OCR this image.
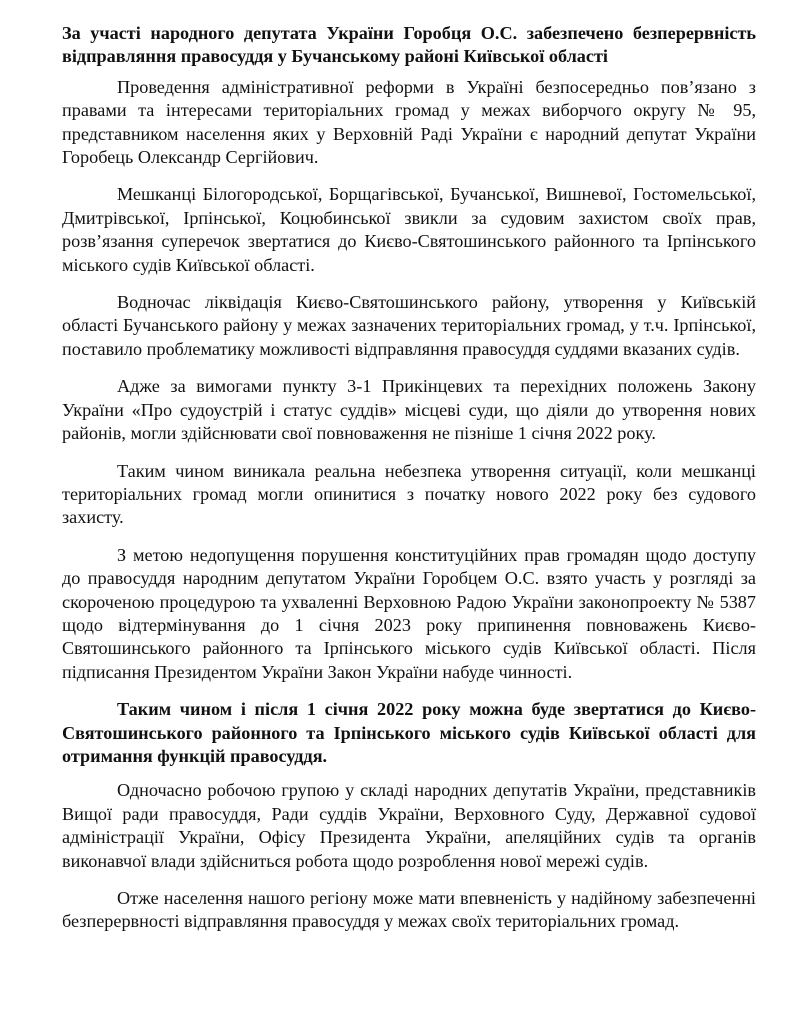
За участі народного депутата України Горобця О.С. забезпечено безперервність відправляння правосуддя у Бучанському районі Київської області

Проведення адміністративної реформи в Україні безпосередньо пов’язано з правами та інтересами територіальних громад у межах виборчого округу № 95, представником населення яких у Верховній Раді України є народний депутат України Горобець Олександр Сергійович.

Мешканці Білогородської, Борщагівської, Бучанської, Вишневої, Гостомельської, Дмитрівської, Ірпінської, Коцюбинської звикли за судовим захистом своїх прав, розв’язання суперечок звертатися до Києво-Святошинського районного та Ірпінського міського судів Київської області.

Водночас ліквідація Києво-Святошинського району, утворення у Київській області Бучанського району у межах зазначених територіальних громад, у т.ч. Ірпінської, поставило проблематику можливості відправляння правосуддя суддями вказаних судів.

Адже за вимогами пункту 3-1 Прикінцевих та перехідних положень Закону України «Про судоустрій і статус суддів» місцеві суди, що діяли до утворення нових районів, могли здійснювати свої повноваження не пізніше 1 січня 2022 року.

Таким чином виникала реальна небезпека утворення ситуації, коли мешканці територіальних громад могли опинитися з початку нового 2022 року без судового захисту.

З метою недопущення порушення конституційних прав громадян щодо доступу до правосуддя народним депутатом України Горобцем О.С. взято участь у розгляді за скороченою процедурою та ухваленні Верховною Радою України законопроекту № 5387 щодо відтермінування до 1 січня 2023 року припинення повноважень Києво-Святошинського районного та Ірпінського міського судів Київської області. Після підписання Президентом України Закон України набуде чинності.

Таким чином і після 1 січня 2022 року можна буде звертатися до Києво-Святошинського районного та Ірпінського міського судів Київської області для отримання функцій правосуддя.

Одночасно робочою групою у складі народних депутатів України, представників Вищої ради правосуддя, Ради суддів України, Верховного Суду, Державної судової адміністрації України, Офісу Президента України, апеляційних судів та органів виконавчої влади здійсниться робота щодо розроблення нової мережі судів.

Отже населення нашого регіону може мати впевненість у надійному забезпеченні безперервності відправляння правосуддя у межах своїх територіальних громад.
